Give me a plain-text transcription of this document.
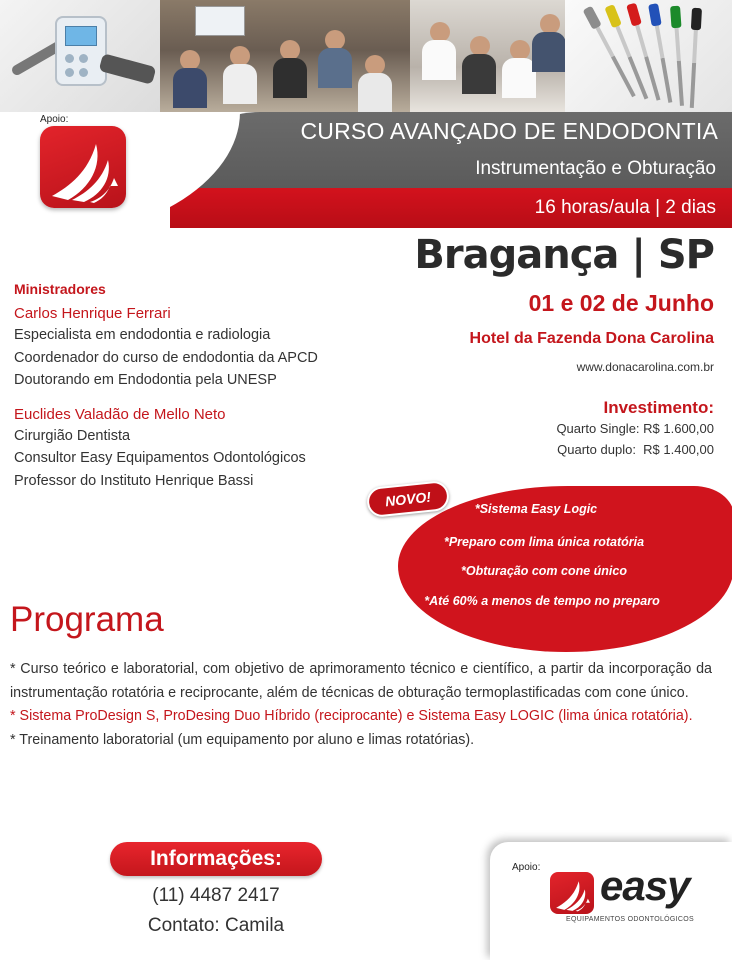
Apoio:	CURSO AVANÇADO DE ENDODONTIA
Instrumentação e Obturação
16 horas/aula | 2 dias
Bragança | SP
01 e 02 de Junho
Hotel da Fazenda Dona Carolina
www.donacarolina.com.br
Investimento:
Quarto Single: R$ 1.600,00
Quarto duplo:  R$ 1.400,00
Ministradores
Carlos Henrique Ferrari
Especialista em endodontia e radiologia
Coordenador do curso de endodontia da APCD
Doutorando em Endodontia pela UNESP
Euclides Valadão de Mello Neto
Cirurgião Dentista
Consultor Easy Equipamentos Odontológicos
Professor do Instituto Henrique Bassi
NOVO!	*Sistema Easy Logic
*Preparo com lima única rotatória
*Obturação com cone único
*Até 60% a menos de tempo no preparo
Programa
* Curso teórico e laboratorial, com objetivo de aprimoramento técnico e científico, a partir da incorporação da instrumentação rotatória e reciprocante, além de técnicas de obturação termoplastificadas com cone único.
* Sistema ProDesign S, ProDesing Duo Híbrido (reciprocante) e Sistema Easy LOGIC (lima única rotatória).
* Treinamento laboratorial (um equipamento por aluno e limas rotatórias).
Informações:
(11) 4487 2417
Contato: Camila
Apoio: easy
EQUIPAMENTOS ODONTOLÓGICOS
